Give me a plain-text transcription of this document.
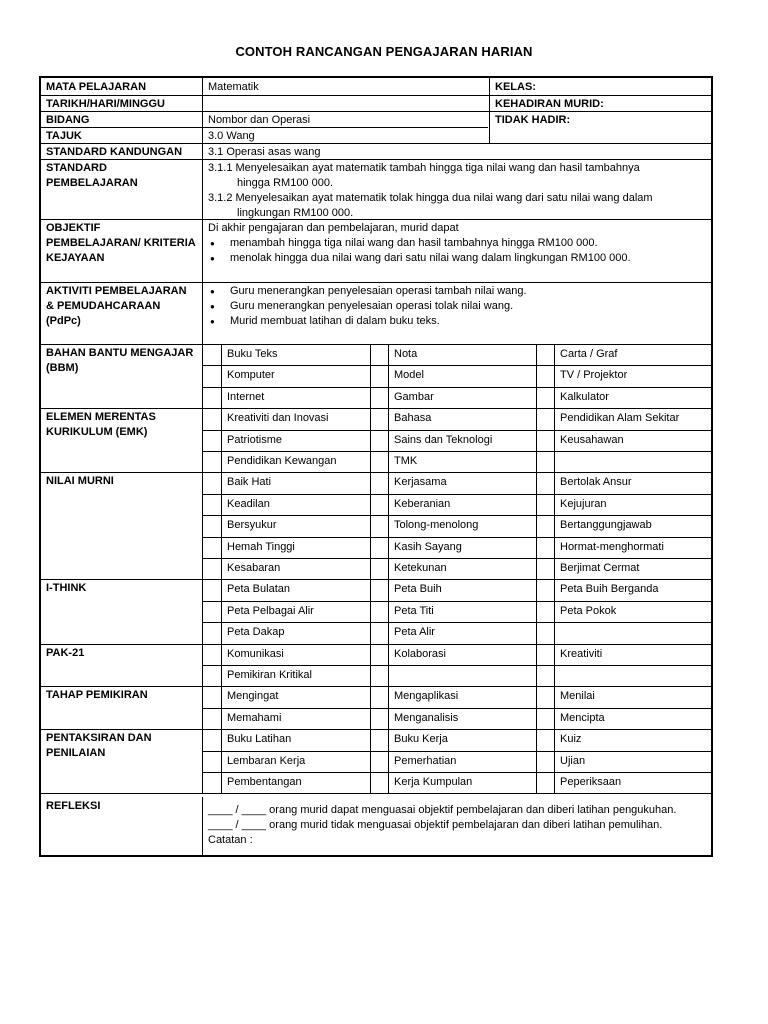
CONTOH RANCANGAN PENGAJARAN HARIAN
MATA PELAJARAN	Matematik	KELAS:
TARIKH/HARI/MINGGU	KEHADIRAN MURID:
BIDANG	Nombor dan Operasi	TIDAK HADIR:
TAJUK	3.0 Wang
STANDARD KANDUNGAN	3.1 Operasi asas wang
STANDARD PEMBELAJARAN
3.1.1 Menyelesaikan ayat matematik tambah hingga tiga nilai wang dan hasil tambahnya
hingga RM100 000.
3.1.2 Menyelesaikan ayat matematik tolak hingga dua nilai wang dari satu nilai wang dalam
lingkungan RM100 000.
OBJEKTIF PEMBELAJARAN/ KRITERIA KEJAYAAN
Di akhir pengajaran dan pembelajaran, murid dapat
● menambah hingga tiga nilai wang dan hasil tambahnya hingga RM100 000.
● menolak hingga dua nilai wang dari satu nilai wang dalam lingkungan RM100 000.
AKTIVITI PEMBELAJARAN & PEMUDAHCARAAN (PdPc)
● Guru menerangkan penyelesaian operasi tambah nilai wang.
● Guru menerangkan penyelesaian operasi tolak nilai wang.
● Murid membuat latihan di dalam buku teks.
BAHAN BANTU MENGAJAR (BBM)
Buku Teks	Nota	Carta / Graf
Komputer	Model	TV / Projektor
Internet	Gambar	Kalkulator
ELEMEN MERENTAS KURIKULUM (EMK)
Kreativiti dan Inovasi	Bahasa	Pendidikan Alam Sekitar
Patriotisme	Sains dan Teknologi	Keusahawan
Pendidikan Kewangan	TMK
NILAI MURNI	Baik Hati	Kerjasama	Bertolak Ansur
Keadilan	Keberanian	Kejujuran
Bersyukur	Tolong-menolong	Bertanggungjawab
Hemah Tinggi	Kasih Sayang	Hormat-menghormati
Kesabaran	Ketekunan	Berjimat Cermat
I-THINK	Peta Bulatan	Peta Buih	Peta Buih Berganda
Peta Pelbagai Alir	Peta Titi	Peta Pokok
Peta Dakap	Peta Alir
PAK-21	Komunikasi	Kolaborasi	Kreativiti
Pemikiran Kritikal
TAHAP PEMIKIRAN	Mengingat	Mengaplikasi	Menilai
Memahami	Menganalisis	Mencipta
PENTAKSIRAN DAN PENILAIAN
Buku Latihan	Buku Kerja	Kuiz
Lembaran Kerja	Pemerhatian	Ujian
Pembentangan	Kerja Kumpulan	Peperiksaan
REFLEKSI	____ / ____ orang murid dapat menguasai objektif pembelajaran dan diberi latihan pengukuhan.
____ / ____ orang murid tidak menguasai objektif pembelajaran dan diberi latihan pemulihan.
Catatan :
